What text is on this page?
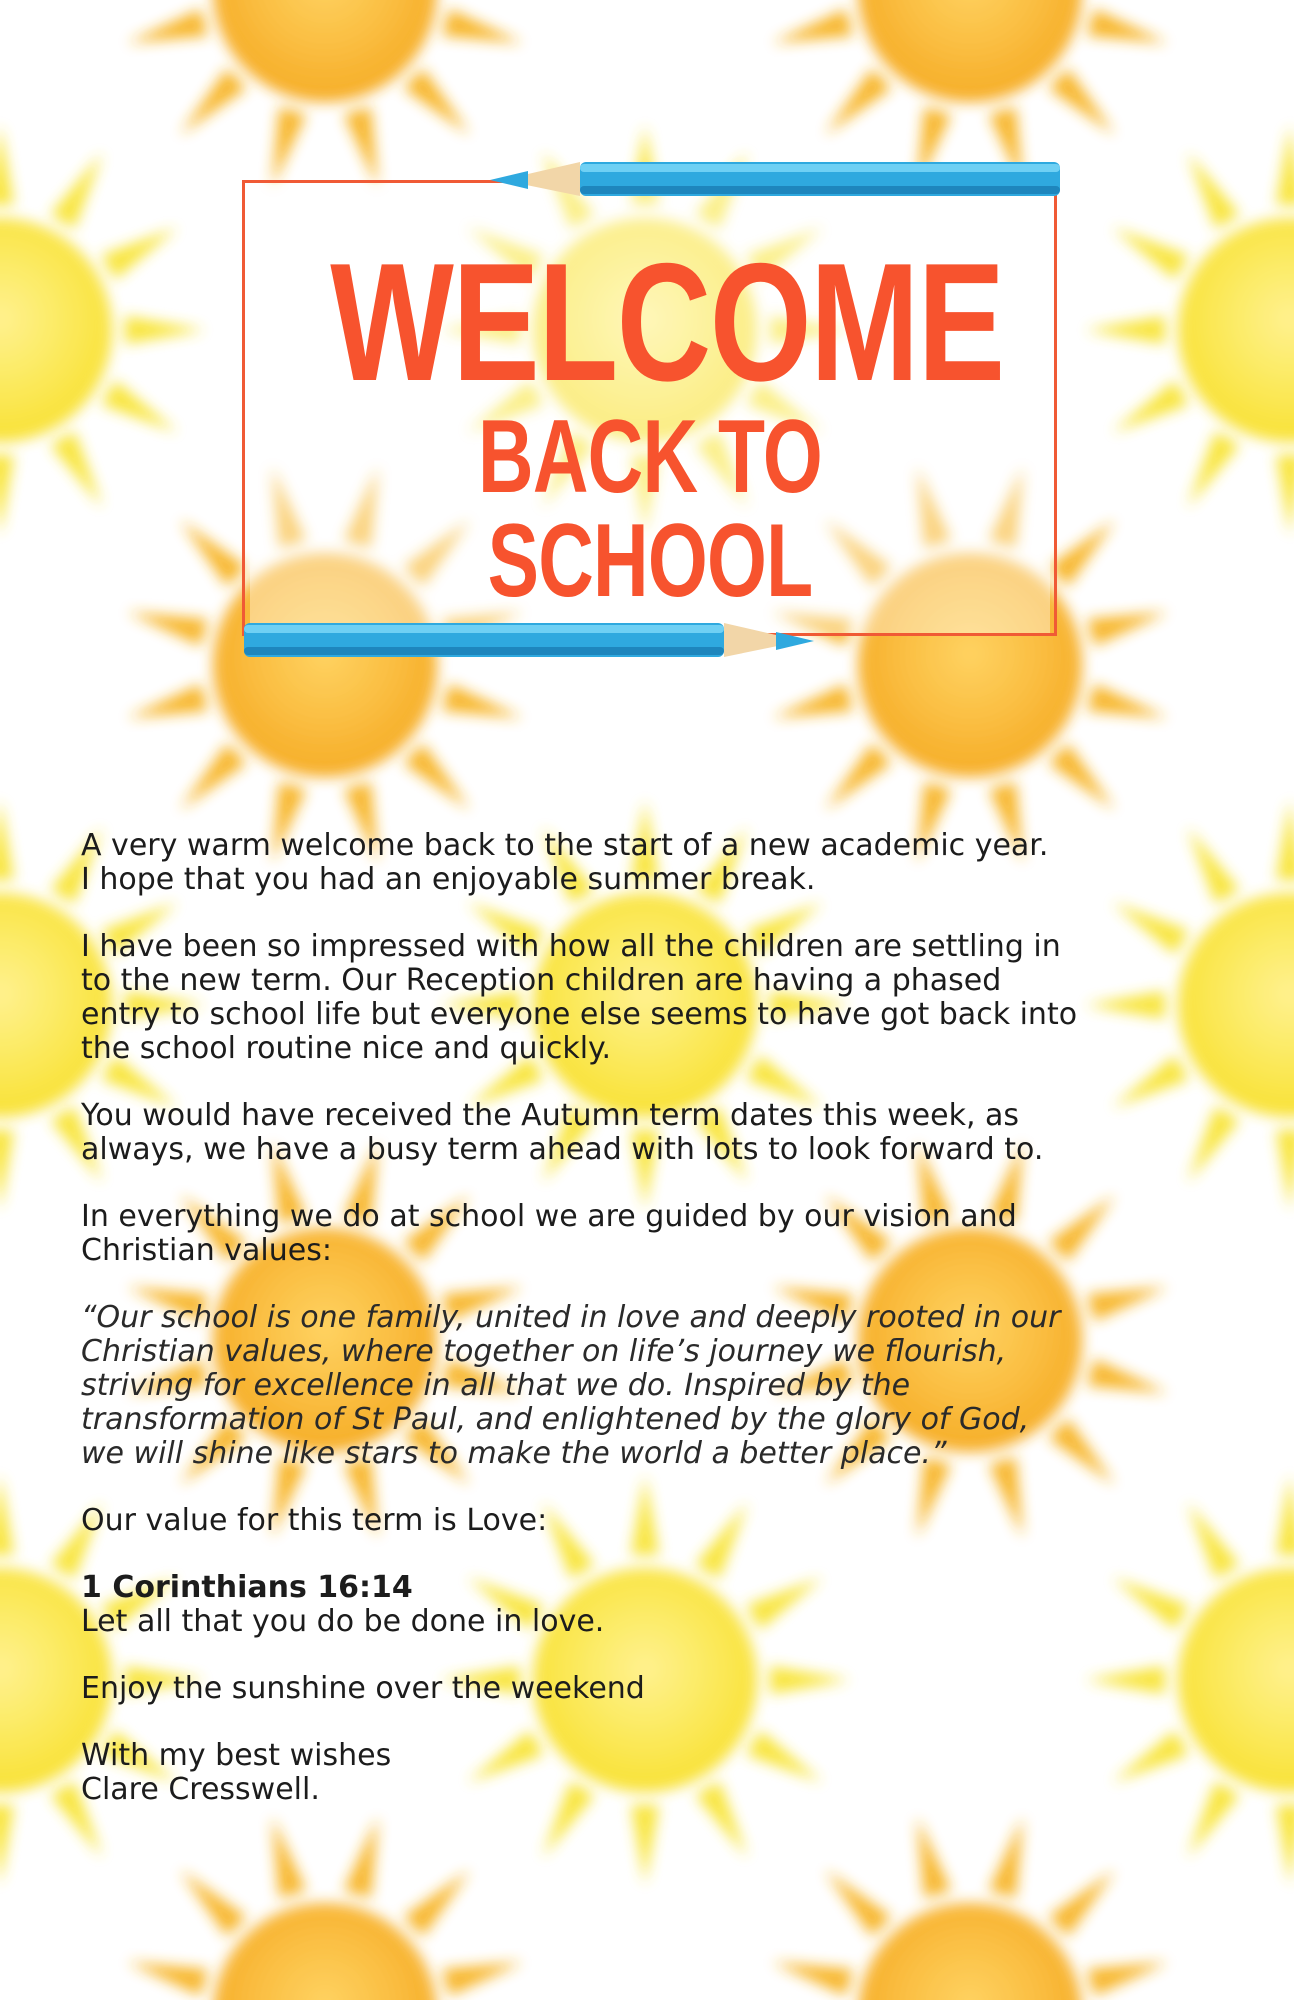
WELCOME
BACK TO SCHOOL

A very warm welcome back to the start of a new academic year.
I hope that you had an enjoyable summer break.

I have been so impressed with how all the children are settling in
to the new term. Our Reception children are having a phased
entry to school life but everyone else seems to have got back into
the school routine nice and quickly.

You would have received the Autumn term dates this week, as
always, we have a busy term ahead with lots to look forward to.

In everything we do at school we are guided by our vision and
Christian values:

“Our school is one family, united in love and deeply rooted in our
Christian values, where together on life’s journey we flourish,
striving for excellence in all that we do. Inspired by the
transformation of St Paul, and enlightened by the glory of God,
we will shine like stars to make the world a better place.”

Our value for this term is Love:

1 Corinthians 16:14
Let all that you do be done in love.

Enjoy the sunshine over the weekend

With my best wishes
Clare Cresswell.
